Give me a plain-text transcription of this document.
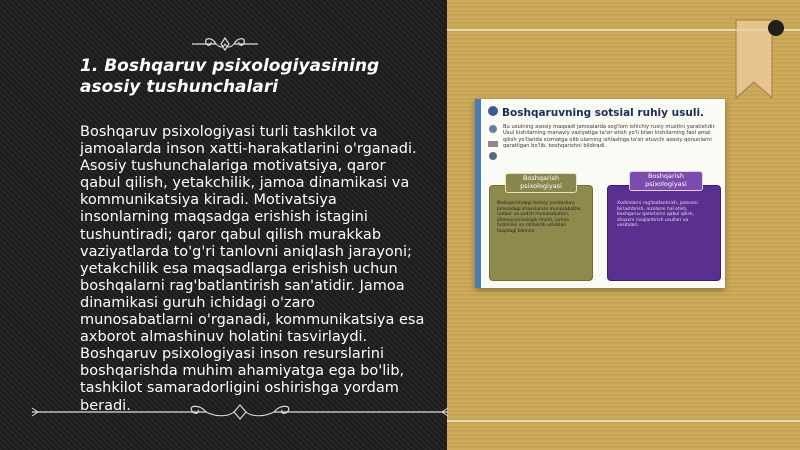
1. Boshqaruv psixologiyasining asosiy tushunchalari
Boshqaruv psixologiyasi turli tashkilot va jamoalarda inson xatti-harakatlarini o'rganadi. Asosiy tushunchalariga motivatsiya, qaror qabul qilish, yetakchilik, jamoa dinamikasi va kommunikatsiya kiradi. Motivatsiya insonlarning maqsadga erishish istagini tushuntiradi; qaror qabul qilish murakkab vaziyatlarda to'g'ri tanlovni aniqlash jarayoni; yetakchilik esa maqsadlarga erishish uchun boshqalarni rag'batlantirish san'atidir. Jamoa dinamikasi guruh ichidagi o'zaro munosabatlarni o'rganadi, kommunikatsiya esa axborot almashinuv holatini tasvirlaydi. Boshqaruv psixologiyasi inson resurslarini boshqarishda muhim ahamiyatga ega bo'lib, tashkilot samaradorligini oshirishga yordam beradi.
Boshqaruvning sotsial ruhiy usuli.
Bu usulning asosiy maqsadi jamoalarda sog'lom ishlchiy ruxiy muxitni yaratishdir. Usul kishilarning manaviy vaziyatiga ta'sir etish yo'li bilan kishilarning faol amal qilish yo'llarida xizmatga olib ularning ishlashiga ta'sir etuvchi asosiy qonunlarni qaratilgan bo'lib, boshqarishni bildiradi.
Boshqarish psixologiyasi
Boshqarishdagi tizimiy yondashuv, jamoadagi shaxslararo munosabatlar, rahbar va xodim munosabatlari, ijtimoiy-psixologik muhit, jamoa tuzilmasi va rahbarlik uslublari haqidagi bilimlar.
Boshqarish psixologiyasi
Xodimlarni rag'batlantirish, jamoani birlashtirish, nizolarni hal etish, boshqaruv qarorlarini qabul qilish, shaxsni rivojlantirish usullari va vositalari.
